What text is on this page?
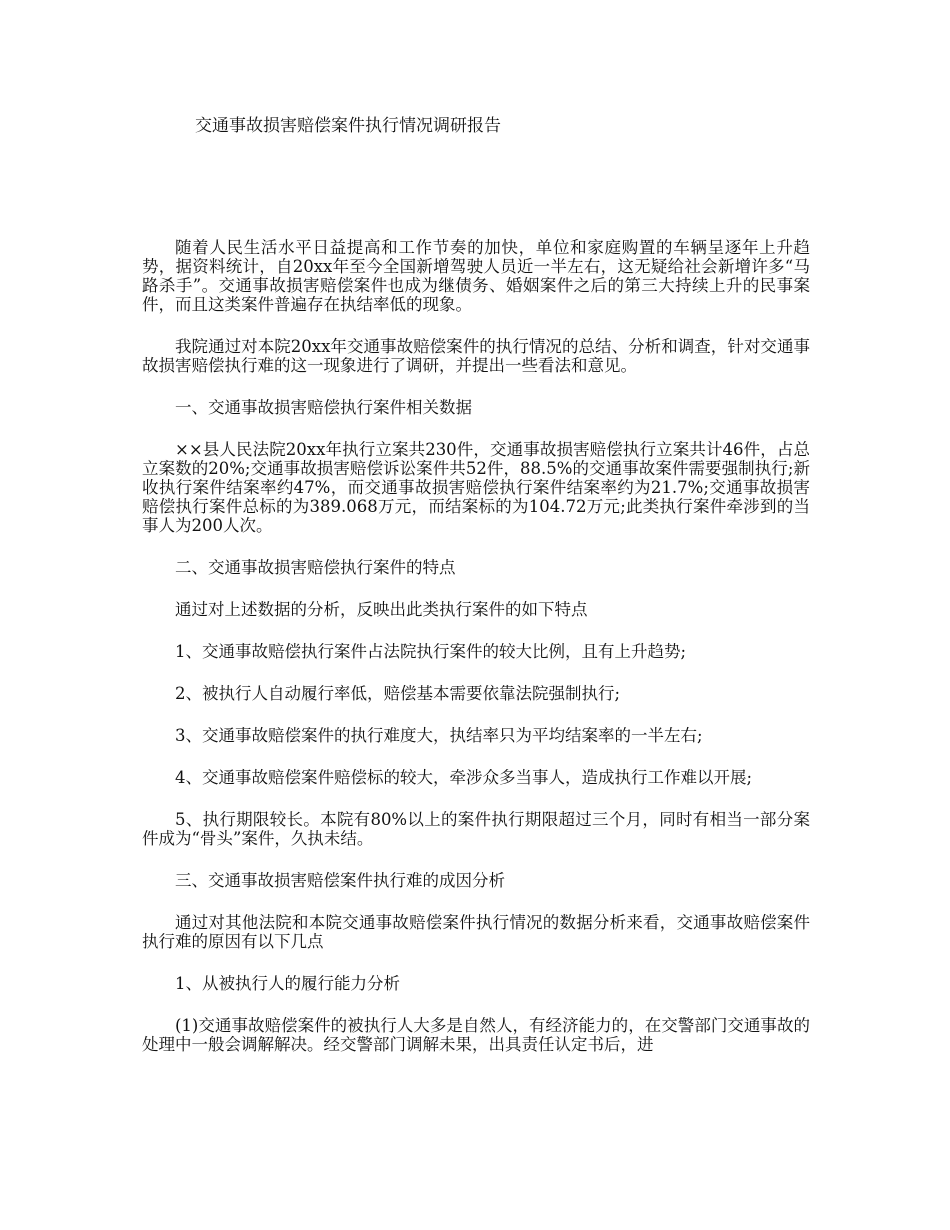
交通事故损害赔偿案件执行情况调研报告

随着人民生活水平日益提高和工作节奏的加快，单位和家庭购置的车辆呈逐年上升趋势，据资料统计，自20xx年至今全国新增驾驶人员近一半左右，这无疑给社会新增许多“马路杀手”。交通事故损害赔偿案件也成为继债务、婚姻案件之后的第三大持续上升的民事案件，而且这类案件普遍存在执结率低的现象。

我院通过对本院20xx年交通事故赔偿案件的执行情况的总结、分析和调查，针对交通事故损害赔偿执行难的这一现象进行了调研，并提出一些看法和意见。

一、交通事故损害赔偿执行案件相关数据

××县人民法院20xx年执行立案共230件，交通事故损害赔偿执行立案共计46件，占总立案数的20%;交通事故损害赔偿诉讼案件共52件，88.5%的交通事故案件需要强制执行;新收执行案件结案率约47%，而交通事故损害赔偿执行案件结案率约为21.7%;交通事故损害赔偿执行案件总标的为389.068万元，而结案标的为104.72万元;此类执行案件牵涉到的当事人为200人次。

二、交通事故损害赔偿执行案件的特点

通过对上述数据的分析，反映出此类执行案件的如下特点

1、交通事故赔偿执行案件占法院执行案件的较大比例，且有上升趋势;

2、被执行人自动履行率低，赔偿基本需要依靠法院强制执行;

3、交通事故赔偿案件的执行难度大，执结率只为平均结案率的一半左右;

4、交通事故赔偿案件赔偿标的较大，牵涉众多当事人，造成执行工作难以开展;

5、执行期限较长。本院有80%以上的案件执行期限超过三个月，同时有相当一部分案件成为“骨头”案件，久执未结。

三、交通事故损害赔偿案件执行难的成因分析

通过对其他法院和本院交通事故赔偿案件执行情况的数据分析来看，交通事故赔偿案件执行难的原因有以下几点

1、从被执行人的履行能力分析

(1)交通事故赔偿案件的被执行人大多是自然人，有经济能力的，在交警部门交通事故的处理中一般会调解解决。经交警部门调解未果，出具责任认定书后，进
